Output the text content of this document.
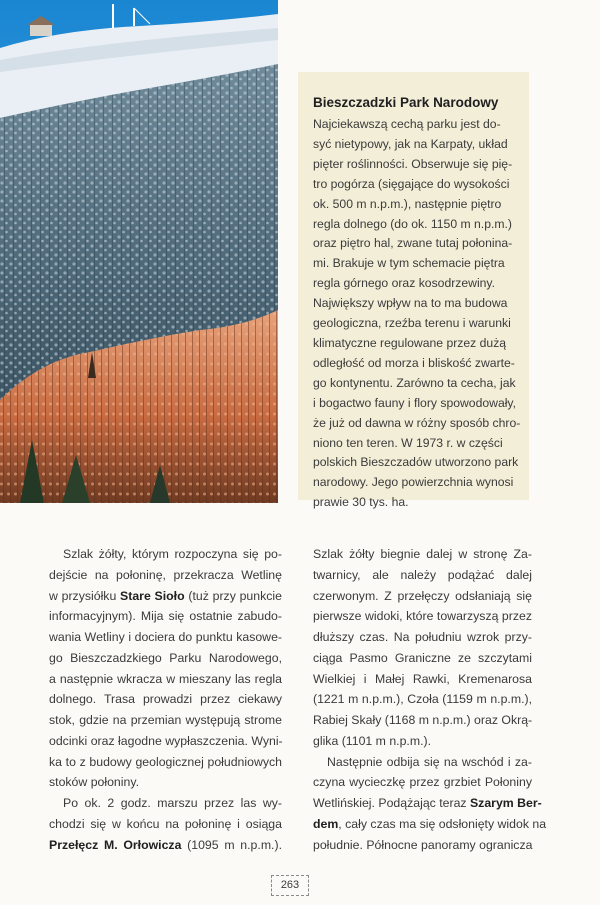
Bieszczadzki Park Narodowy
Najciekawszą cechą parku jest do-
syć nietypowy, jak na Karpaty, układ
pięter roślinności. Obserwuje się pię-
tro pogórza (sięgające do wysokości
ok. 500 m n.p.m.), następnie piętro
regla dolnego (do ok. 1150 m n.p.m.)
oraz piętro hal, zwane tutaj połonina-
mi. Brakuje w tym schemacie piętra
regla górnego oraz kosodrzewiny.
Największy wpływ na to ma budowa
geologiczna, rzeźba terenu i warunki
klimatyczne regulowane przez dużą
odległość od morza i bliskość zwarte-
go kontynentu. Zarówno ta cecha, jak
i bogactwo fauny i flory spowodowały,
że już od dawna w różny sposób chro-
niono ten teren. W 1973 r. w części
polskich Bieszczadów utworzono park
narodowy. Jego powierzchnia wynosi
prawie 30 tys. ha.
Szlak żółty, którym rozpoczyna się po-
dejście na połoninę, przekracza Wetlinę
w przysiółku Stare Sioło (tuż przy punkcie
informacyjnym). Mija się ostatnie zabudo-
wania Wetliny i dociera do punktu kasowe-
go Bieszczadzkiego Parku Narodowego,
a następnie wkracza w mieszany las regla
dolnego. Trasa prowadzi przez ciekawy
stok, gdzie na przemian występują strome
odcinki oraz łagodne wypłaszczenia. Wyni-
ka to z budowy geologicznej południowych
stoków połoniny.
Po ok. 2 godz. marszu przez las wy-
chodzi się w końcu na połoninę i osiąga
Przełęcz M. Orłowicza (1095 m n.p.m.).
Szlak żółty biegnie dalej w stronę Za-
twarnicy, ale należy podążać dalej
czerwonym. Z przełęczy odsłaniają się
pierwsze widoki, które towarzyszą przez
dłuższy czas. Na południu wzrok przy-
ciąga Pasmo Graniczne ze szczytami
Wielkiej i Małej Rawki, Kremenarosa
(1221 m n.p.m.), Czoła (1159 m n.p.m.),
Rabiej Skały (1168 m n.p.m.) oraz Okrą-
glika (1101 m n.p.m.).
Następnie odbija się na wschód i za-
czyna wycieczkę przez grzbiet Połoniny
Wetlińskiej. Podążając teraz Szarym Ber-
dem, cały czas ma się odsłonięty widok na
południe. Północne panoramy ogranicza
263
